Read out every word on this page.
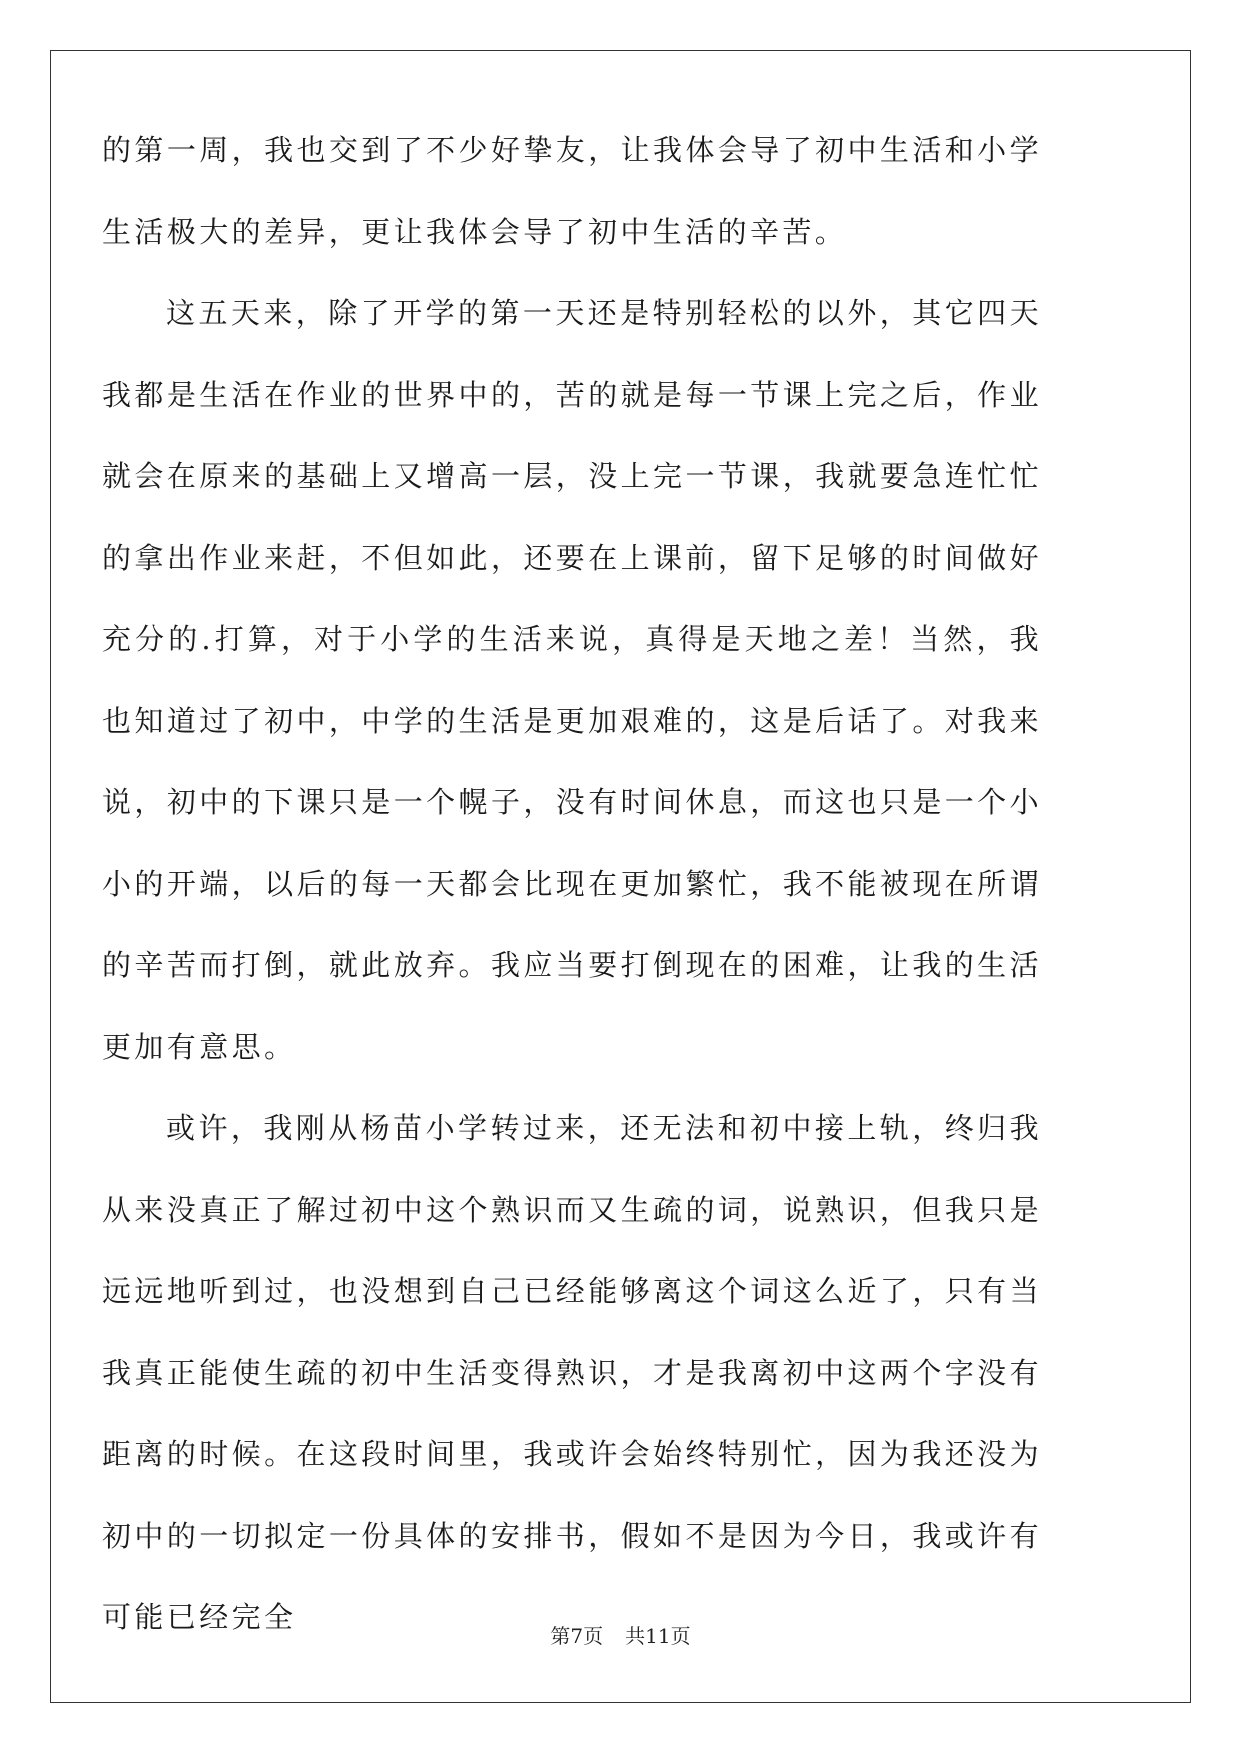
的第一周，我也交到了不少好挚友，让我体会导了初中生活和小学生活极大的差异，更让我体会导了初中生活的辛苦。

这五天来，除了开学的第一天还是特别轻松的以外，其它四天我都是生活在作业的世界中的，苦的就是每一节课上完之后，作业就会在原来的基础上又增高一层，没上完一节课，我就要急连忙忙的拿出作业来赶，不但如此，还要在上课前，留下足够的时间做好充分的.打算，对于小学的生活来说，真得是天地之差！当然，我也知道过了初中，中学的生活是更加艰难的，这是后话了。对我来说，初中的下课只是一个幌子，没有时间休息，而这也只是一个小小的开端，以后的每一天都会比现在更加繁忙，我不能被现在所谓的辛苦而打倒，就此放弃。我应当要打倒现在的困难，让我的生活更加有意思。

或许，我刚从杨苗小学转过来，还无法和初中接上轨，终归我从来没真正了解过初中这个熟识而又生疏的词，说熟识，但我只是远远地听到过，也没想到自己已经能够离这个词这么近了，只有当我真正能使生疏的初中生活变得熟识，才是我离初中这两个字没有距离的时候。在这段时间里，我或许会始终特别忙，因为我还没为初中的一切拟定一份具体的安排书，假如不是因为今日，我或许有可能已经完全

第7页 共11页
